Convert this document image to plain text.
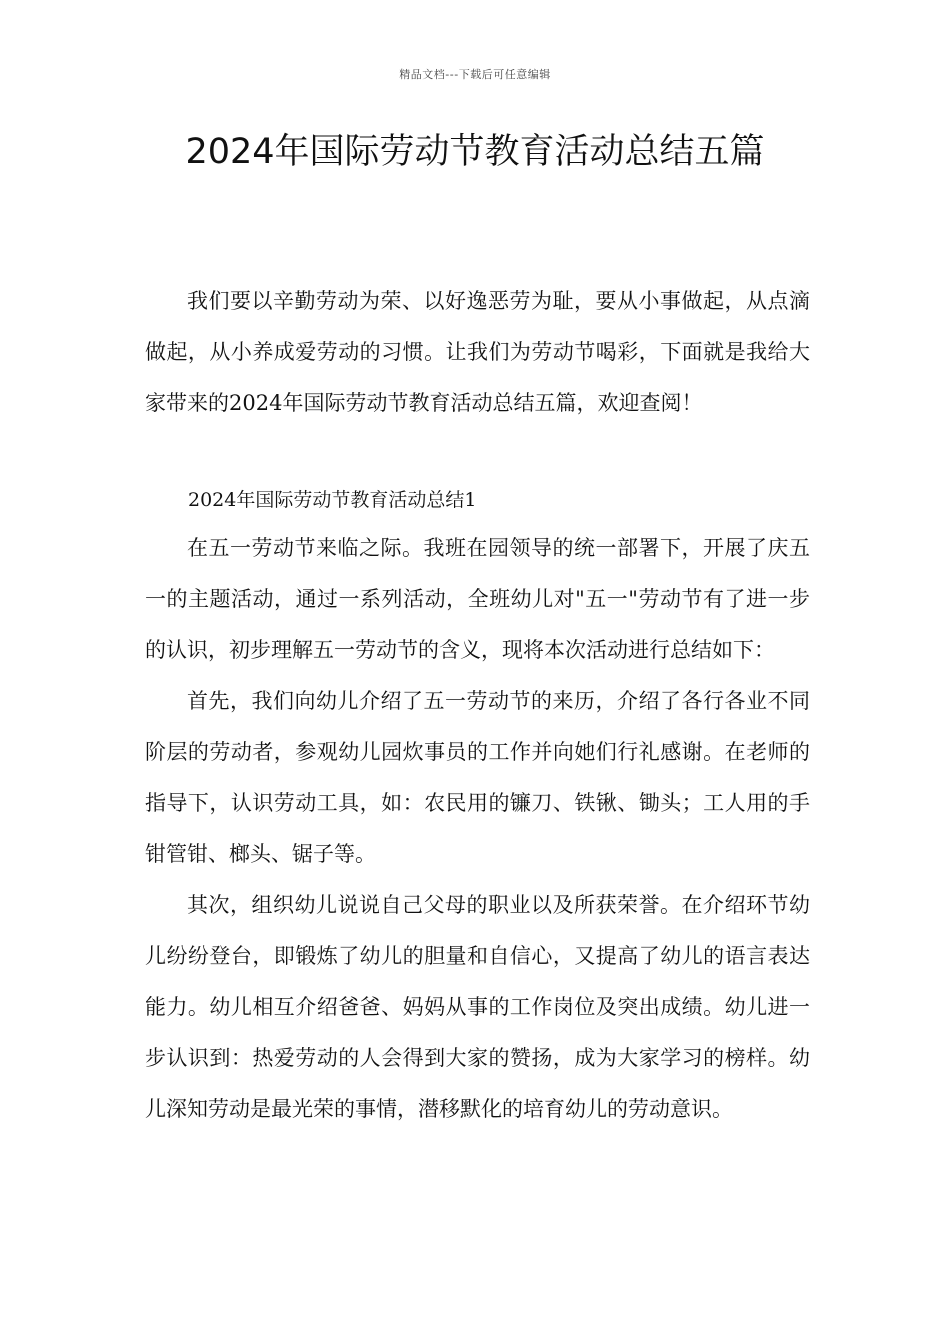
精品文档---下载后可任意编辑
2024年国际劳动节教育活动总结五篇

我们要以辛勤劳动为荣、以好逸恶劳为耻，要从小事做起，从点滴做起，从小养成爱劳动的习惯。让我们为劳动节喝彩，下面就是我给大家带来的2024年国际劳动节教育活动总结五篇，欢迎查阅！

2024年国际劳动节教育活动总结1

在五一劳动节来临之际。我班在园领导的统一部署下，开展了庆五一的主题活动，通过一系列活动，全班幼儿对"五一"劳动节有了进一步的认识，初步理解五一劳动节的含义，现将本次活动进行总结如下：

首先，我们向幼儿介绍了五一劳动节的来历，介绍了各行各业不同阶层的劳动者，参观幼儿园炊事员的工作并向她们行礼感谢。在老师的指导下，认识劳动工具，如：农民用的镰刀、铁锹、锄头；工人用的手钳管钳、榔头、锯子等。

其次，组织幼儿说说自己父母的职业以及所获荣誉。在介绍环节幼儿纷纷登台，即锻炼了幼儿的胆量和自信心，又提高了幼儿的语言表达能力。幼儿相互介绍爸爸、妈妈从事的工作岗位及突出成绩。幼儿进一步认识到：热爱劳动的人会得到大家的赞扬，成为大家学习的榜样。幼儿深知劳动是最光荣的事情，潜移默化的培育幼儿的劳动意识。
